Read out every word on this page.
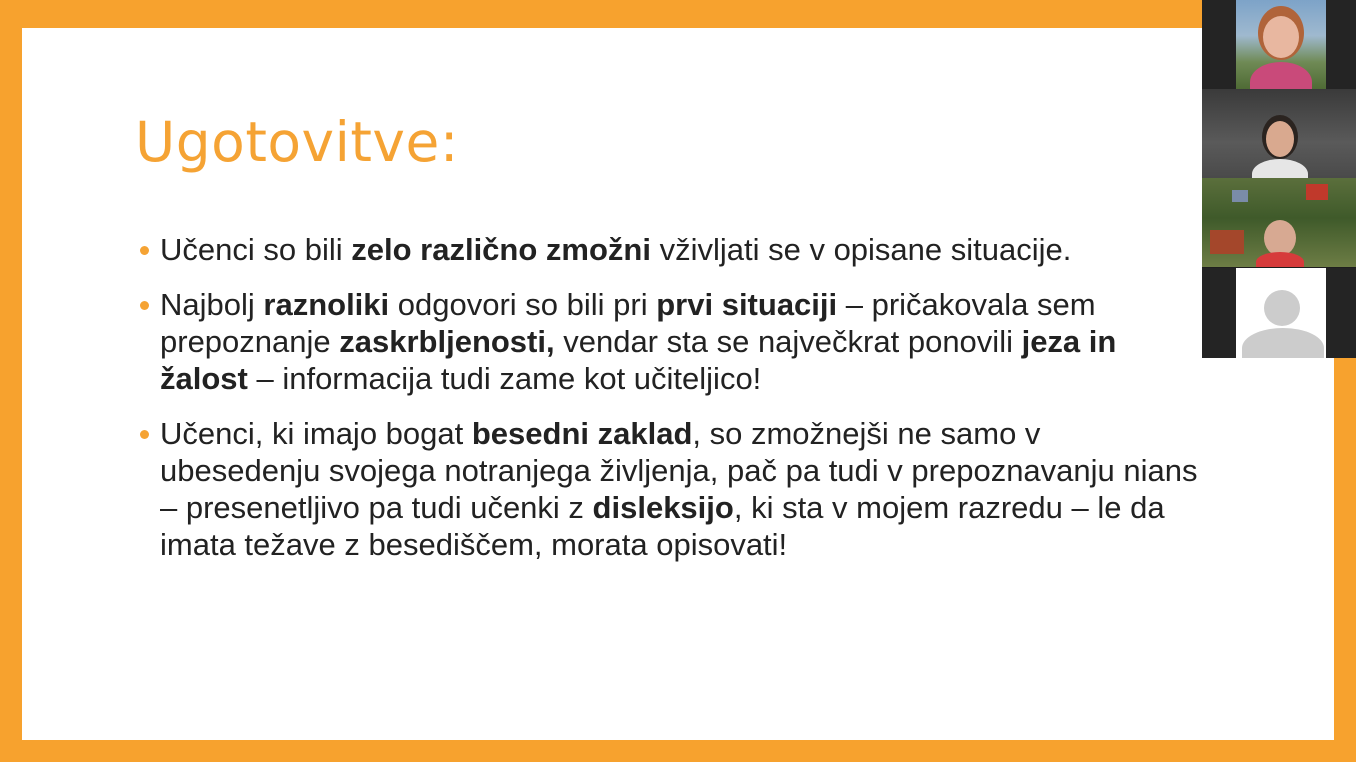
Ugotovitve:
Učenci so bili zelo različno zmožni vživljati se v opisane situacije.
Najbolj raznoliki odgovori so bili pri prvi situaciji – pričakovala sem prepoznanje zaskrbljenosti, vendar sta se največkrat ponovili jeza in žalost – informacija tudi zame kot učiteljico!
Učenci, ki imajo bogat besedni zaklad, so zmožnejši ne samo v ubesedenju svojega notranjega življenja, pač pa tudi v prepoznavanju nians – presenetljivo pa tudi učenki z disleksijo, ki sta v mojem razredu – le da imata težave z besediščem, morata opisovati!
